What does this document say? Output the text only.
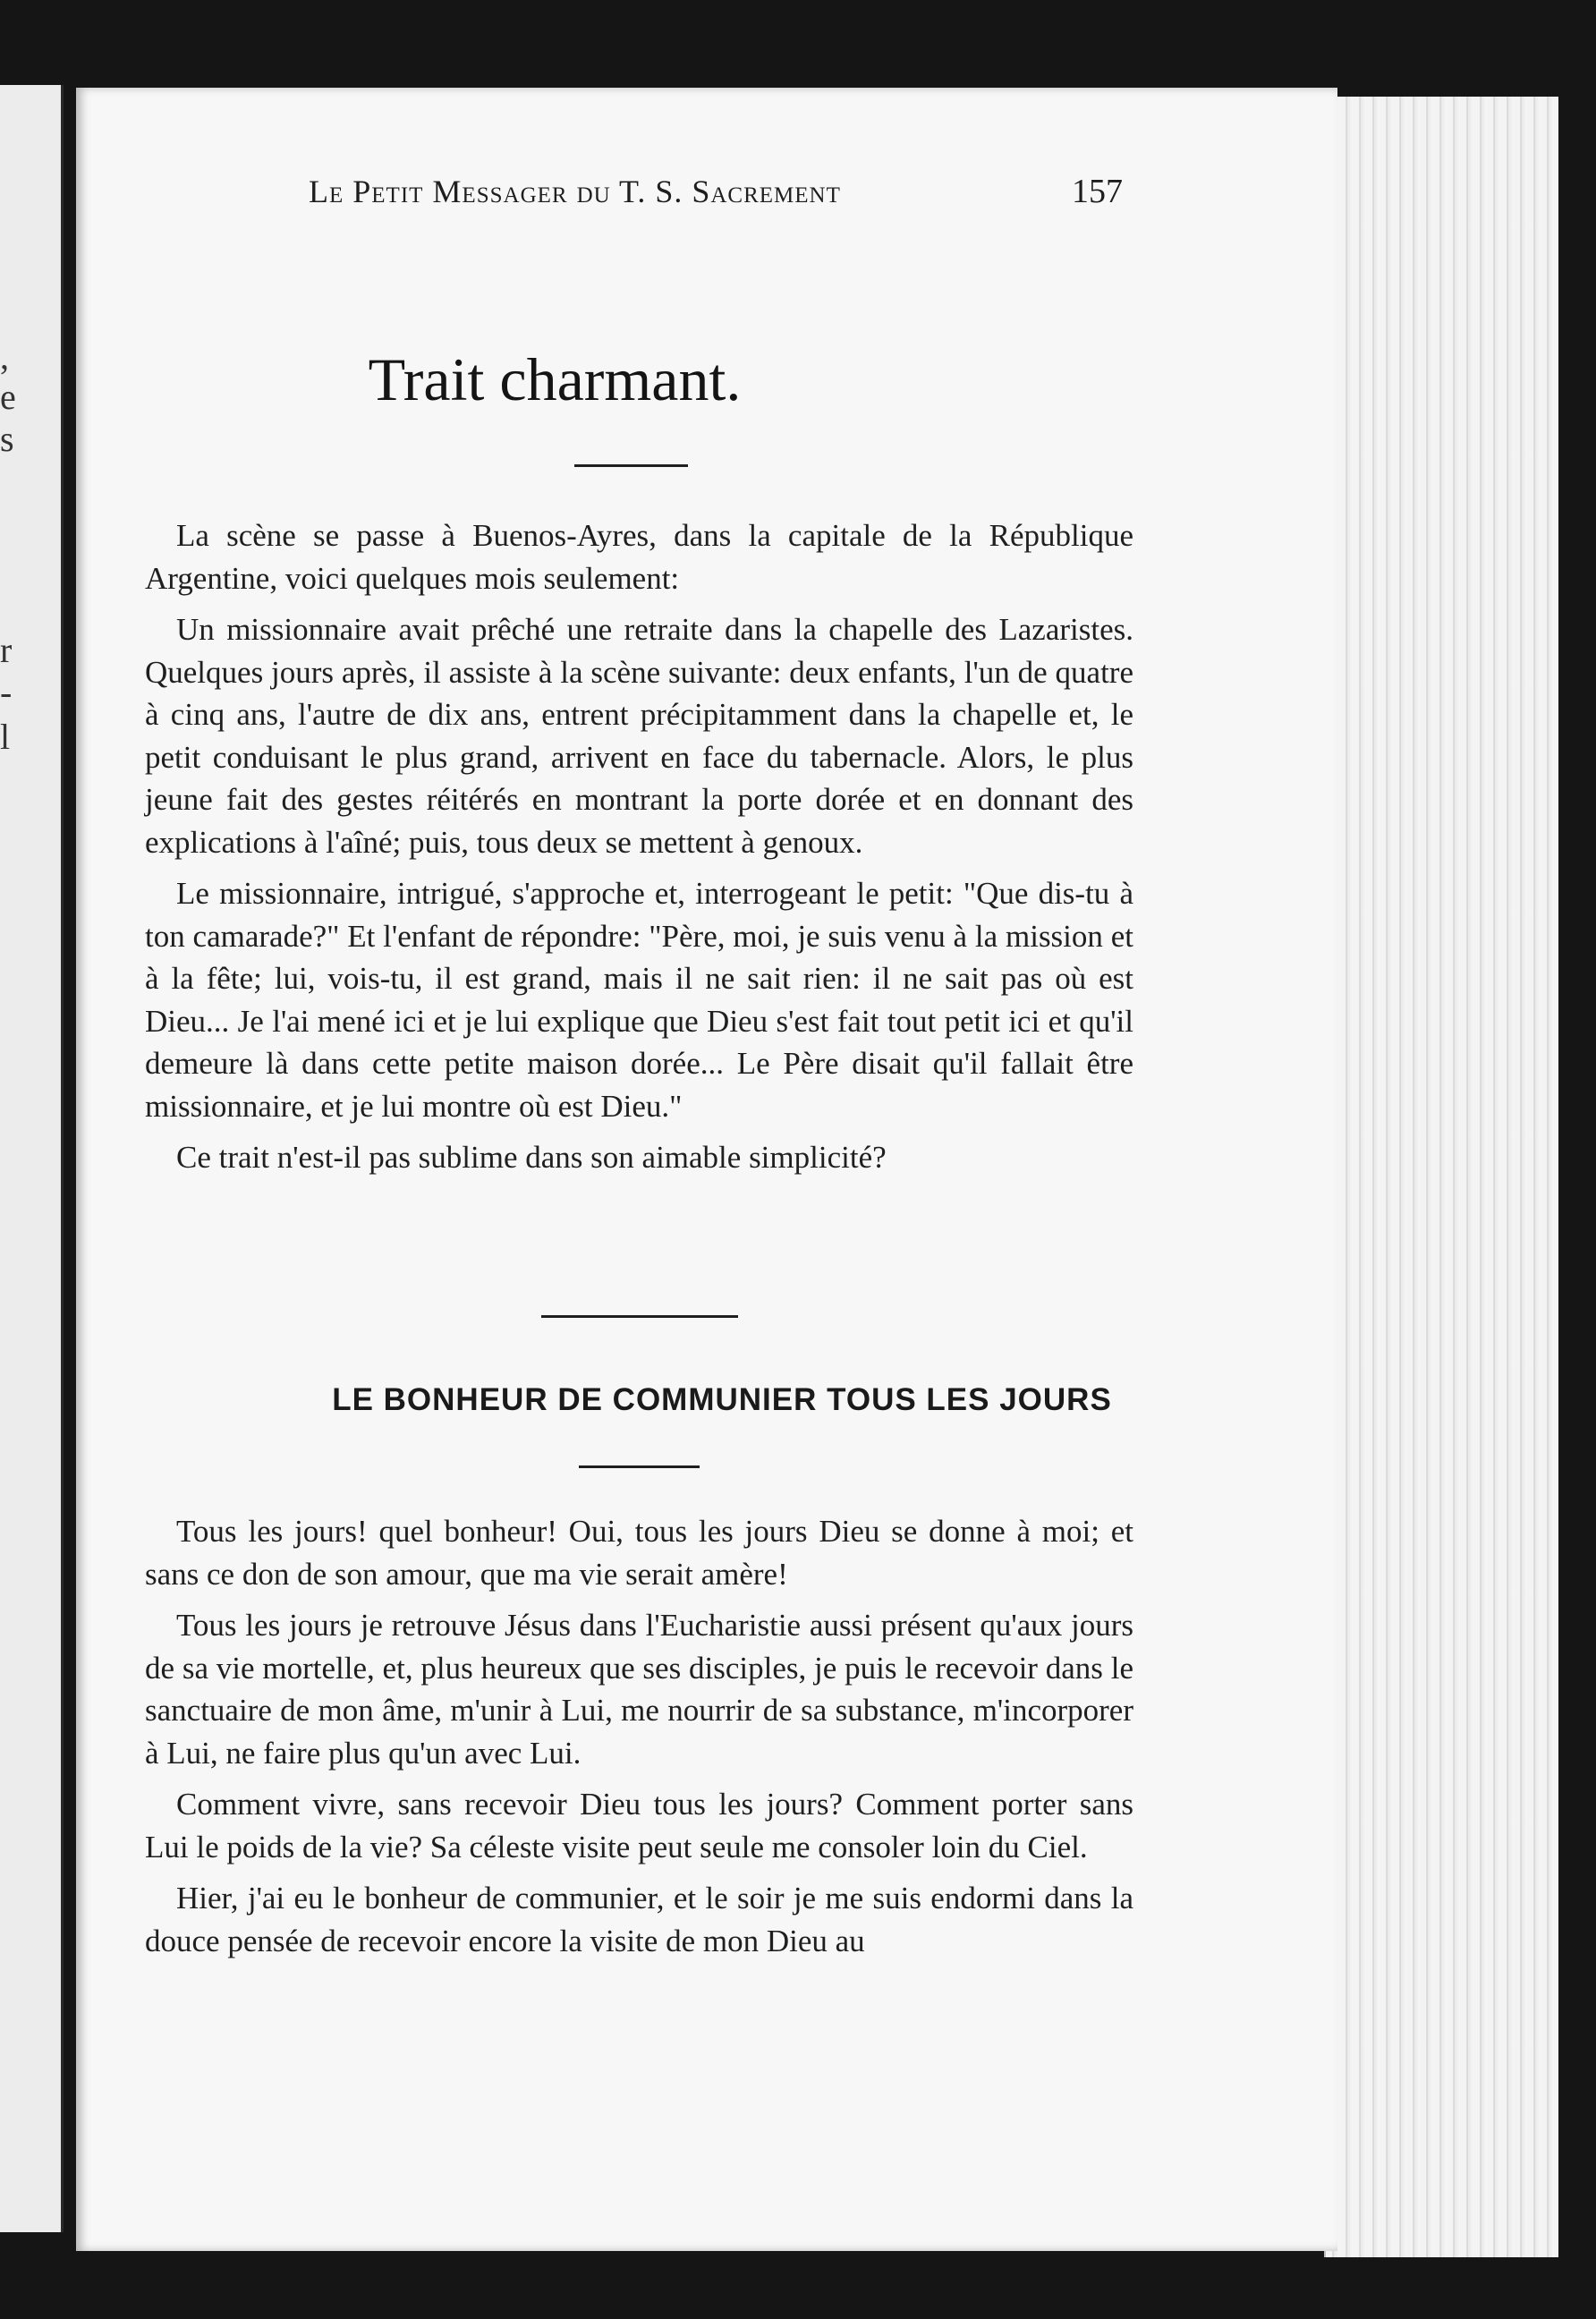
,
e
s
r
-
l
Le Petit Messager du T. S. Sacrement	157
Trait charmant.

La scène se passe à Buenos-Ayres, dans la capitale de la République Argentine, voici quelques mois seulement:

Un missionnaire avait prêché une retraite dans la chapelle des Lazaristes. Quelques jours après, il assiste à la scène suivante: deux enfants, l'un de quatre à cinq ans, l'autre de dix ans, entrent précipitamment dans la chapelle et, le petit conduisant le plus grand, arrivent en face du tabernacle. Alors, le plus jeune fait des gestes réitérés en montrant la porte dorée et en donnant des explications à l'aîné; puis, tous deux se mettent à genoux.

Le missionnaire, intrigué, s'approche et, interrogeant le petit: "Que dis-tu à ton camarade?" Et l'enfant de répondre: "Père, moi, je suis venu à la mission et à la fête; lui, vois-tu, il est grand, mais il ne sait rien: il ne sait pas où est Dieu... Je l'ai mené ici et je lui explique que Dieu s'est fait tout petit ici et qu'il demeure là dans cette petite maison dorée... Le Père disait qu'il fallait être missionnaire, et je lui montre où est Dieu."

Ce trait n'est-il pas sublime dans son aimable simplicité?

LE BONHEUR DE COMMUNIER TOUS LES JOURS

Tous les jours! quel bonheur! Oui, tous les jours Dieu se donne à moi; et sans ce don de son amour, que ma vie serait amère!

Tous les jours je retrouve Jésus dans l'Eucharistie aussi présent qu'aux jours de sa vie mortelle, et, plus heureux que ses disciples, je puis le recevoir dans le sanctuaire de mon âme, m'unir à Lui, me nourrir de sa substance, m'incorporer à Lui, ne faire plus qu'un avec Lui.

Comment vivre, sans recevoir Dieu tous les jours? Comment porter sans Lui le poids de la vie? Sa céleste visite peut seule me consoler loin du Ciel.

Hier, j'ai eu le bonheur de communier, et le soir je me suis endormi dans la douce pensée de recevoir encore la visite de mon Dieu au
